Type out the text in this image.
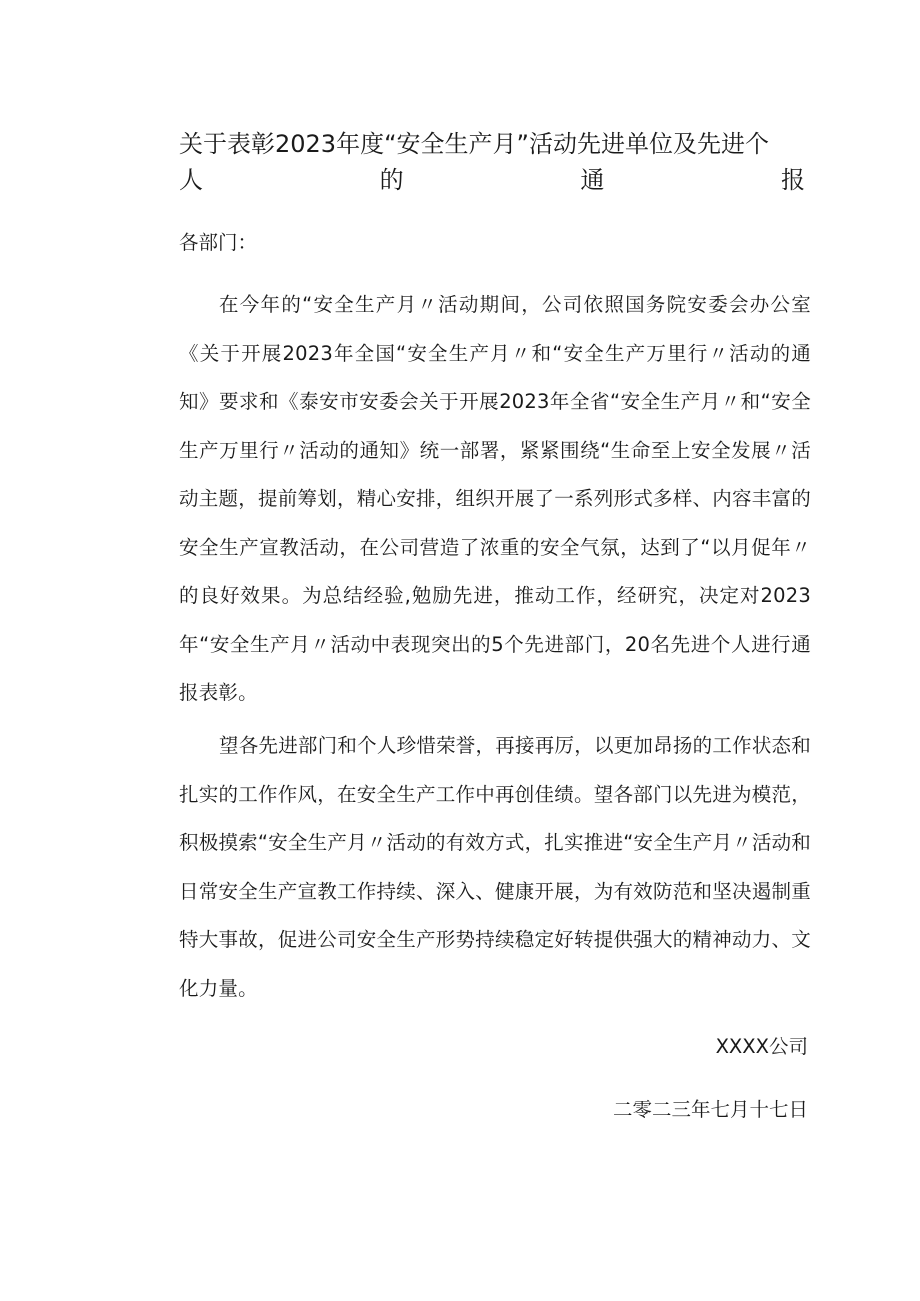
关于表彰2023年度“安全生产月”活动先进单位及先进个
人	的	通	报

各部门：

在今年的“安全生产月〃活动期间，公司依照国务院安委会办公室《关于开展2023年全国“安全生产月〃和“安全生产万里行〃活动的通知》要求和《泰安市安委会关于开展2023年全省“安全生产月〃和“安全生产万里行〃活动的通知》统一部署，紧紧围绕“生命至上安全发展〃活动主题，提前筹划，精心安排，组织开展了一系列形式多样、内容丰富的安全生产宣教活动，在公司营造了浓重的安全气氛，达到了“以月促年〃的良好效果。为总结经验,勉励先进，推动工作，经研究，决定对2023年“安全生产月〃活动中表现突出的5个先进部门，20名先进个人进行通报表彰。

望各先进部门和个人珍惜荣誉，再接再厉，以更加昂扬的工作状态和扎实的工作作风，在安全生产工作中再创佳绩。望各部门以先进为模范，积极摸索“安全生产月〃活动的有效方式，扎实推进“安全生产月〃活动和日常安全生产宣教工作持续、深入、健康开展，为有效防范和坚决遏制重特大事故，促进公司安全生产形势持续稳定好转提供强大的精神动力、文化力量。

XXXX公司

二零二三年七月十七日
